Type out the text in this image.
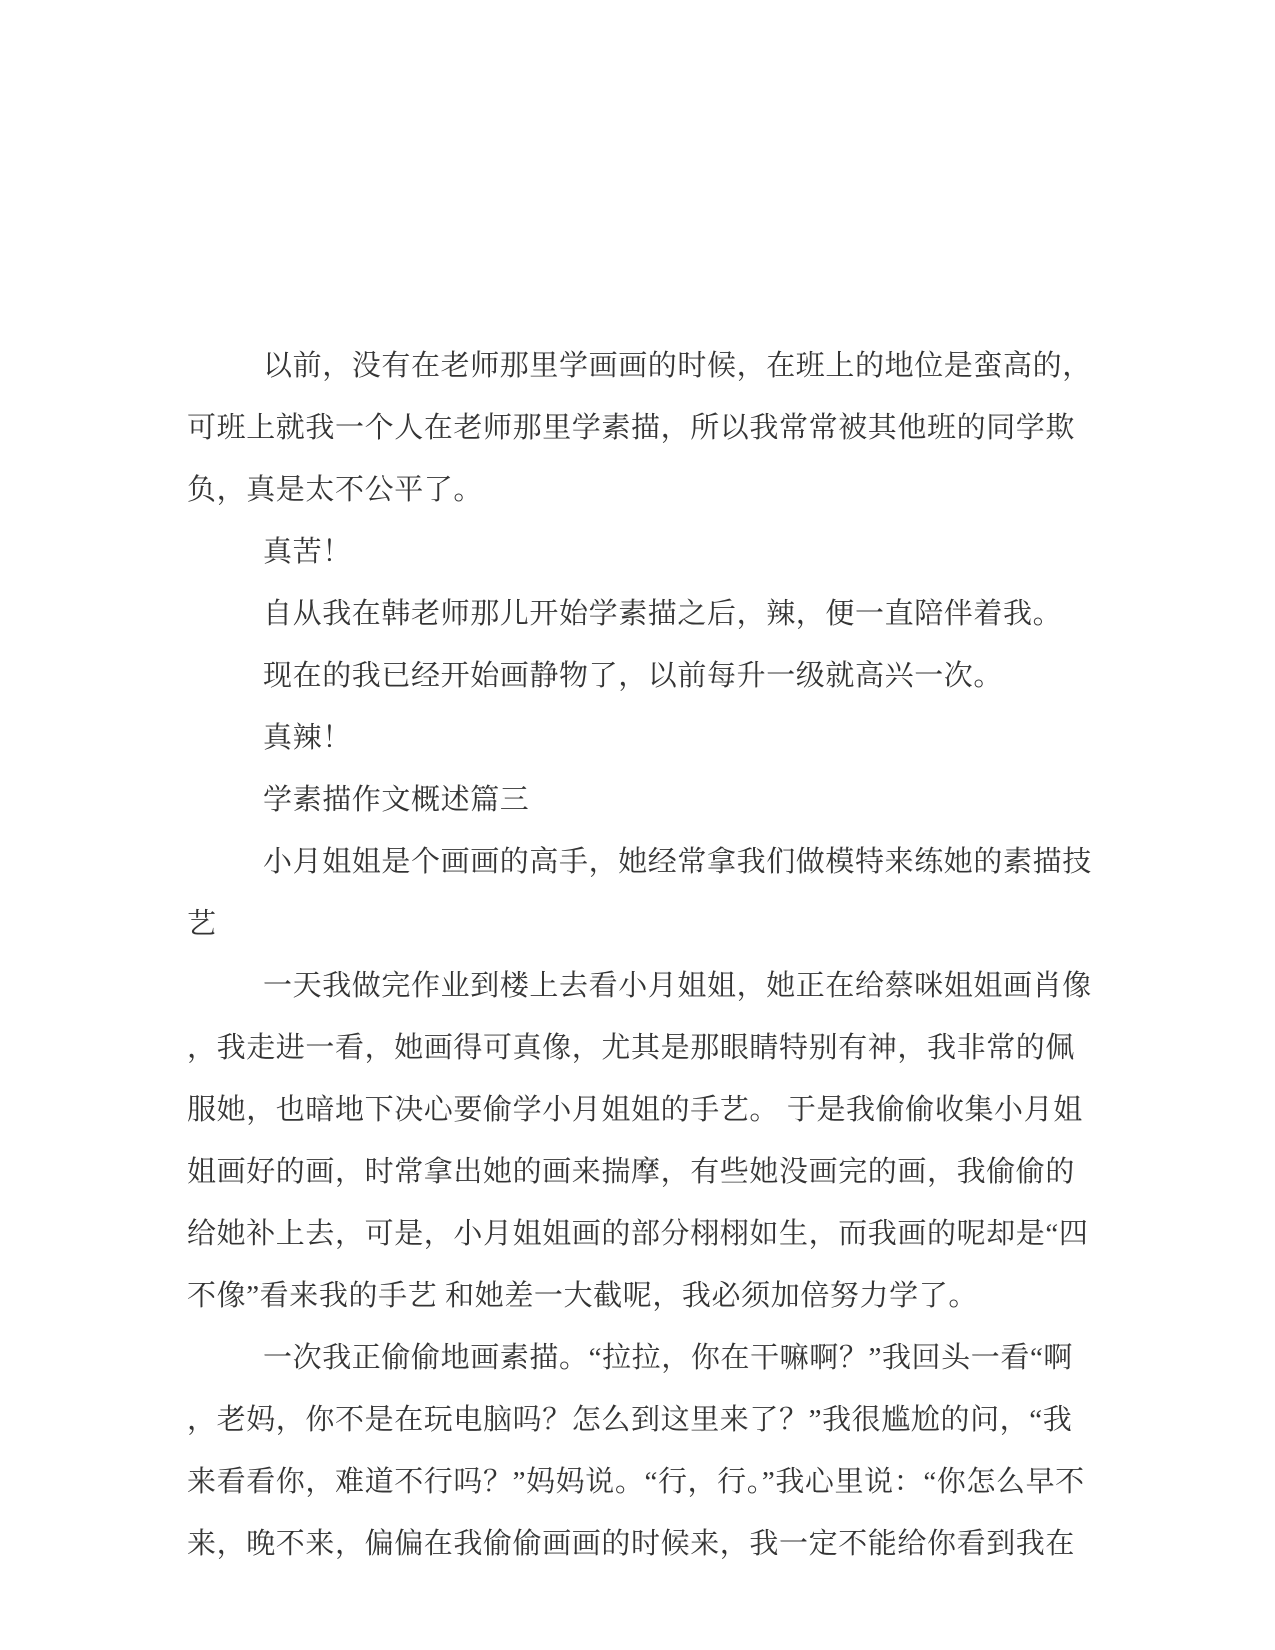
以前，没有在老师那里学画画的时候，在班上的地位是蛮高的，
可班上就我一个人在老师那里学素描，所以我常常被其他班的同学欺
负，真是太不公平了。
真苦！
自从我在韩老师那儿开始学素描之后，辣，便一直陪伴着我。
现在的我已经开始画静物了，以前每升一级就高兴一次。
真辣！
学素描作文概述篇三
小月姐姐是个画画的高手，她经常拿我们做模特来练她的素描技
艺
一天我做完作业到楼上去看小月姐姐，她正在给蔡咪姐姐画肖像
，我走进一看，她画得可真像，尤其是那眼睛特别有神，我非常的佩
服她，也暗地下决心要偷学小月姐姐的手艺。 于是我偷偷收集小月姐
姐画好的画，时常拿出她的画来揣摩，有些她没画完的画，我偷偷的
给她补上去，可是，小月姐姐画的部分栩栩如生，而我画的呢却是“四
不像”看来我的手艺 和她差一大截呢，我必须加倍努力学了。
一次我正偷偷地画素描。“拉拉，你在干嘛啊？”我回头一看“啊
，老妈，你不是在玩电脑吗？怎么到这里来了？”我很尴尬的问，“我
来看看你，难道不行吗？”妈妈说。“行，行。”我心里说：“你怎么早不
来，晚不来，偏偏在我偷偷画画的时候来，我一定不能给你看到我在
